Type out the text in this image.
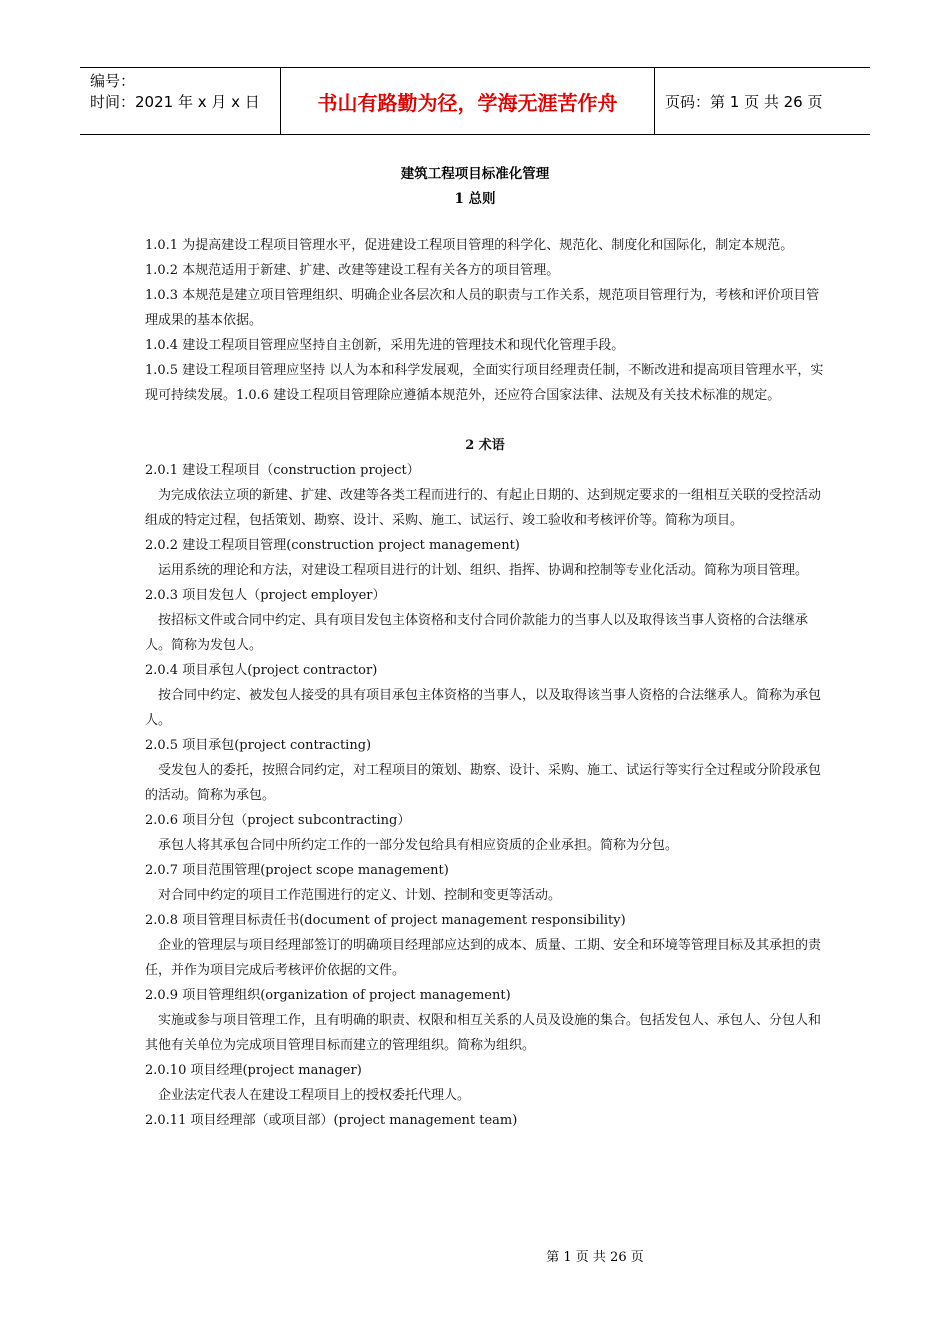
编号：
时间：2021 年 x 月 x 日	书山有路勤为径，学海无涯苦作舟	页码：第 1 页 共 26 页
建筑工程项目标准化管理
1 总则

1.0.1 为提高建设工程项目管理水平，促进建设工程项目管理的科学化、规范化、制度化和国际化，制定本规范。

1.0.2 本规范适用于新建、扩建、改建等建设工程有关各方的项目管理。

1.0.3 本规范是建立项目管理组织、明确企业各层次和人员的职责与工作关系，规范项目管理行为，考核和评价项目管理成果的基本依据。

1.0.4 建设工程项目管理应坚持自主创新，采用先进的管理技术和现代化管理手段。

1.0.5 建设工程项目管理应坚持 以人为本和科学发展观，全面实行项目经理责任制，不断改进和提高项目管理水平，实现可持续发展。1.0.6 建设工程项目管理除应遵循本规范外，还应符合国家法律、法规及有关技术标准的规定。

2 术语

2.0.1 建设工程项目（construction project）

为完成依法立项的新建、扩建、改建等各类工程而进行的、有起止日期的、达到规定要求的一组相互关联的受控活动组成的特定过程，包括策划、勘察、设计、采购、施工、试运行、竣工验收和考核评价等。简称为项目。

2.0.2 建设工程项目管理(construction project management)

运用系统的理论和方法，对建设工程项目进行的计划、组织、指挥、协调和控制等专业化活动。简称为项目管理。

2.0.3 项目发包人（project employer）

按招标文件或合同中约定、具有项目发包主体资格和支付合同价款能力的当事人以及取得该当事人资格的合法继承人。简称为发包人。

2.0.4 项目承包人(project contractor)

按合同中约定、被发包人接受的具有项目承包主体资格的当事人，以及取得该当事人资格的合法继承人。简称为承包人。

2.0.5 项目承包(project contracting)

受发包人的委托，按照合同约定，对工程项目的策划、勘察、设计、采购、施工、试运行等实行全过程或分阶段承包的活动。简称为承包。

2.0.6 项目分包（project subcontracting）

承包人将其承包合同中所约定工作的一部分发包给具有相应资质的企业承担。简称为分包。

2.0.7 项目范围管理(project scope management)

对合同中约定的项目工作范围进行的定义、计划、控制和变更等活动。

2.0.8 项目管理目标责任书(document of project management responsibility)

企业的管理层与项目经理部签订的明确项目经理部应达到的成本、质量、工期、安全和环境等管理目标及其承担的责任，并作为项目完成后考核评价依据的文件。

2.0.9 项目管理组织(organization of project management)

实施或参与项目管理工作，且有明确的职责、权限和相互关系的人员及设施的集合。包括发包人、承包人、分包人和其他有关单位为完成项目管理目标而建立的管理组织。简称为组织。

2.0.10 项目经理(project manager)

企业法定代表人在建设工程项目上的授权委托代理人。

2.0.11 项目经理部（或项目部）(project management team)

第 1 页 共 26 页
